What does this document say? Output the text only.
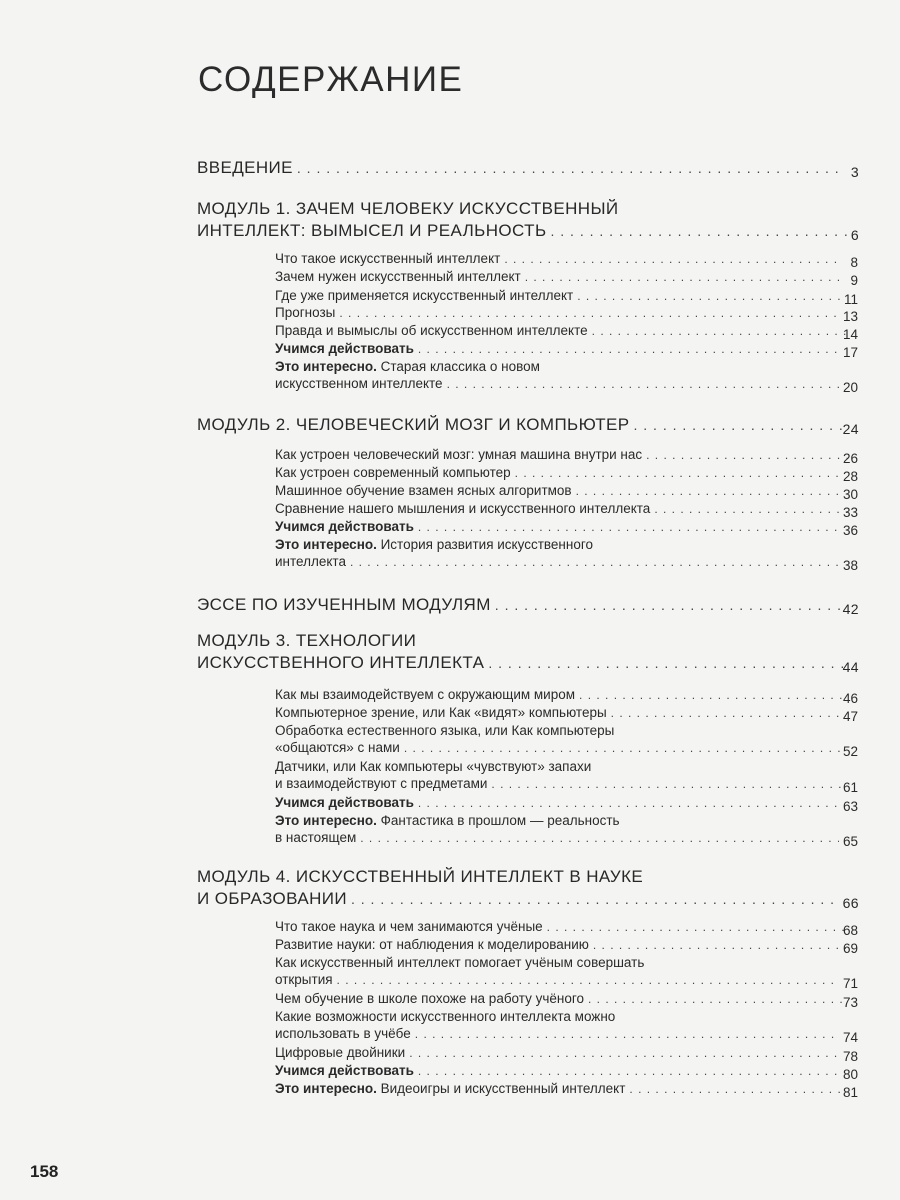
СОДЕРЖАНИЕ
ВВЕДЕНИЕ . . .	3
МОДУЛЬ 1. ЗАЧЕМ ЧЕЛОВЕКУ ИСКУССТВЕННЫЙ
ИНТЕЛЛЕКТ: ВЫМЫСЕЛ И РЕАЛЬНОСТЬ . . .	6
Что такое искусственный интеллект . . .	8
Зачем нужен искусственный интеллект . . .	9
Где уже применяется искусственный интеллект . . .	11
Прогнозы . . .	13
Правда и вымыслы об искусственном интеллекте . . .	14
Учимся действовать . . .	17
Это интересно. Старая классика о новом
искусственном интеллекте . . .	20
МОДУЛЬ 2. ЧЕЛОВЕЧЕСКИЙ МОЗГ И КОМПЬЮТЕР . . .	24
Как устроен человеческий мозг: умная машина внутри нас . . .	26
Как устроен современный компьютер . . .	28
Машинное обучение взамен ясных алгоритмов . . .	30
Сравнение нашего мышления и искусственного интеллекта . . .	33
Учимся действовать . . .	36
Это интересно. История развития искусственного
интеллекта . . .	38
ЭССЕ ПО ИЗУЧЕННЫМ МОДУЛЯМ . . .	42
МОДУЛЬ 3. ТЕХНОЛОГИИ
ИСКУССТВЕННОГО ИНТЕЛЛЕКТА . . .	44
Как мы взаимодействуем с окружающим миром . . .	46
Компьютерное зрение, или Как «видят» компьютеры . . .	47
Обработка естественного языка, или Как компьютеры
«общаются» с нами . . .	52
Датчики, или Как компьютеры «чувствуют» запахи
и взаимодействуют с предметами . . .	61
Учимся действовать . . .	63
Это интересно. Фантастика в прошлом — реальность
в настоящем . . .	65
МОДУЛЬ 4. ИСКУССТВЕННЫЙ ИНТЕЛЛЕКТ В НАУКЕ
И ОБРАЗОВАНИИ . . .	66
Что такое наука и чем занимаются учёные . . .	68
Развитие науки: от наблюдения к моделированию . . .	69
Как искусственный интеллект помогает учёным совершать
открытия . . .	71
Чем обучение в школе похоже на работу учёного . . .	73
Какие возможности искусственного интеллекта можно
использовать в учёбе . . .	74
Цифровые двойники . . .	78
Учимся действовать . . .	80
Это интересно. Видеоигры и искусственный интеллект . . .	81
158
